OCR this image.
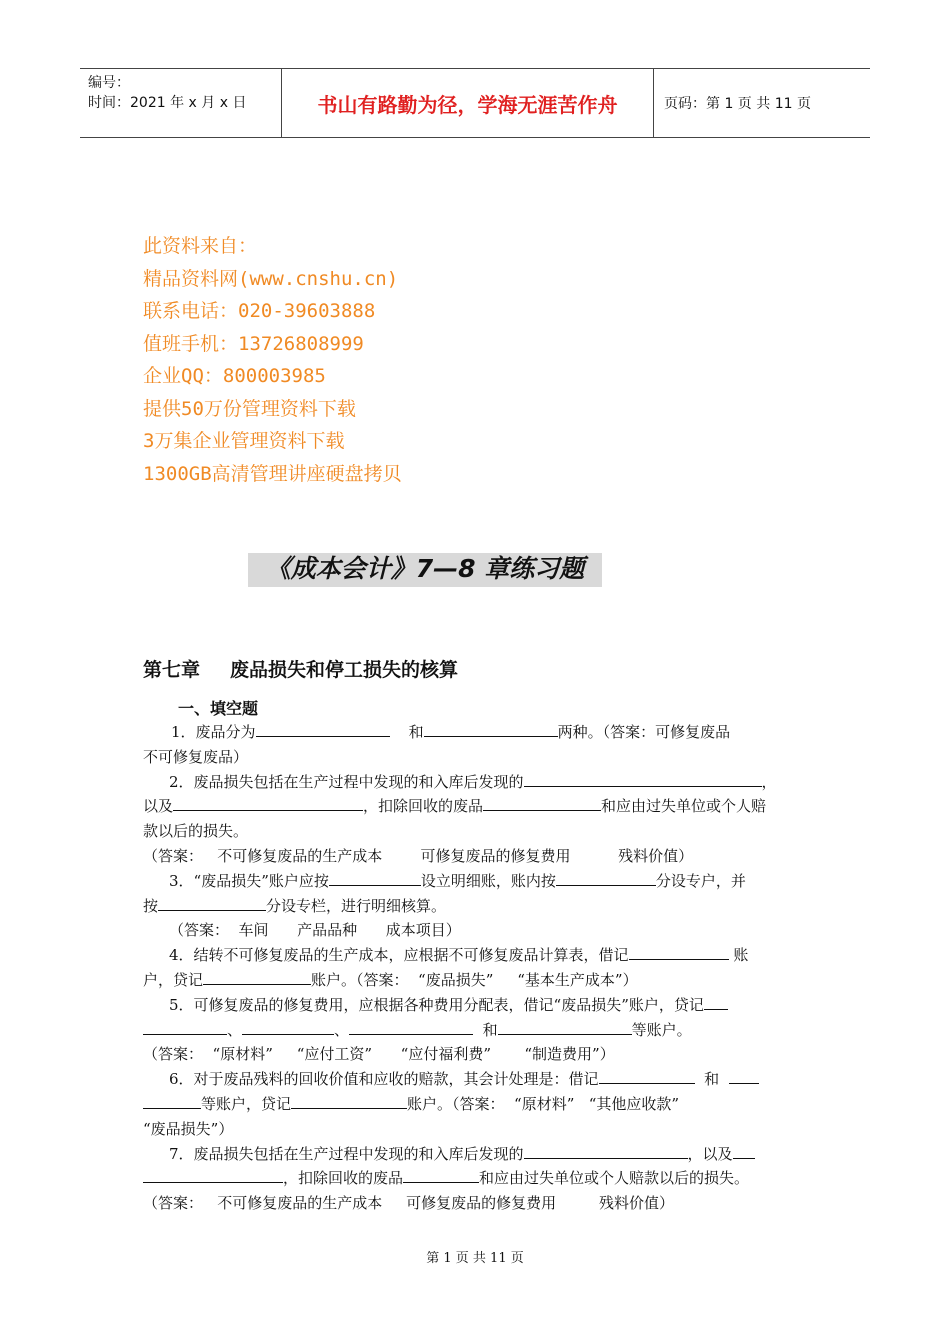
编号：
时间：2021 年 x 月 x 日	书山有路勤为径，学海无涯苦作舟	页码：第 1 页 共 11 页
此资料来自：
精品资料网(www.cnshu.cn)
联系电话：020-39603888
值班手机：13726808999
企业QQ：800003985
提供50万份管理资料下载
3万集企业管理资料下载
1300GB高清管理讲座硬盘拷贝
《成本会计》7—8 章练习题
第七章 废品损失和停工损失的核算
一、填空题
1．废品分为	和	两种。（答案：可修复废品
不可修复废品）
2．废品损失包括在生产过程中发现的和入库后发现的	，
以及	，扣除回收的废品	和应由过失单位或个人赔
款以后的损失。
（答案：   不可修复废品的生产成本        可修复废品的修复费用          残料价值）
3．“废品损失”账户应按	设立明细账，账内按	分设专户，并
按	分设专栏，进行明细核算。
（答案：  车间      产品品种      成本项目）
4．结转不可修复废品的生产成本，应根据不可修复废品计算表，借记	账
户，贷记	账户。（答案：  “废品损失”     “基本生产成本”）
5．可修复废品的修复费用，应根据各种费用分配表，借记“废品损失”账户，贷记
、	、	和	等账户。
（答案：  “原材料”     “应付工资”      “应付福利费”       “制造费用”）
6．对于废品残料的回收价值和应收的赔款，其会计处理是：借记	和
等账户，贷记	账户。（答案：  “原材料”   “其他应收款”
“废品损失”）
7．废品损失包括在生产过程中发现的和入库后发现的	，以及
，扣除回收的废品	和应由过失单位或个人赔款以后的损失。
（答案：   不可修复废品的生产成本     可修复废品的修复费用         残料价值）
第 1 页 共 11 页
